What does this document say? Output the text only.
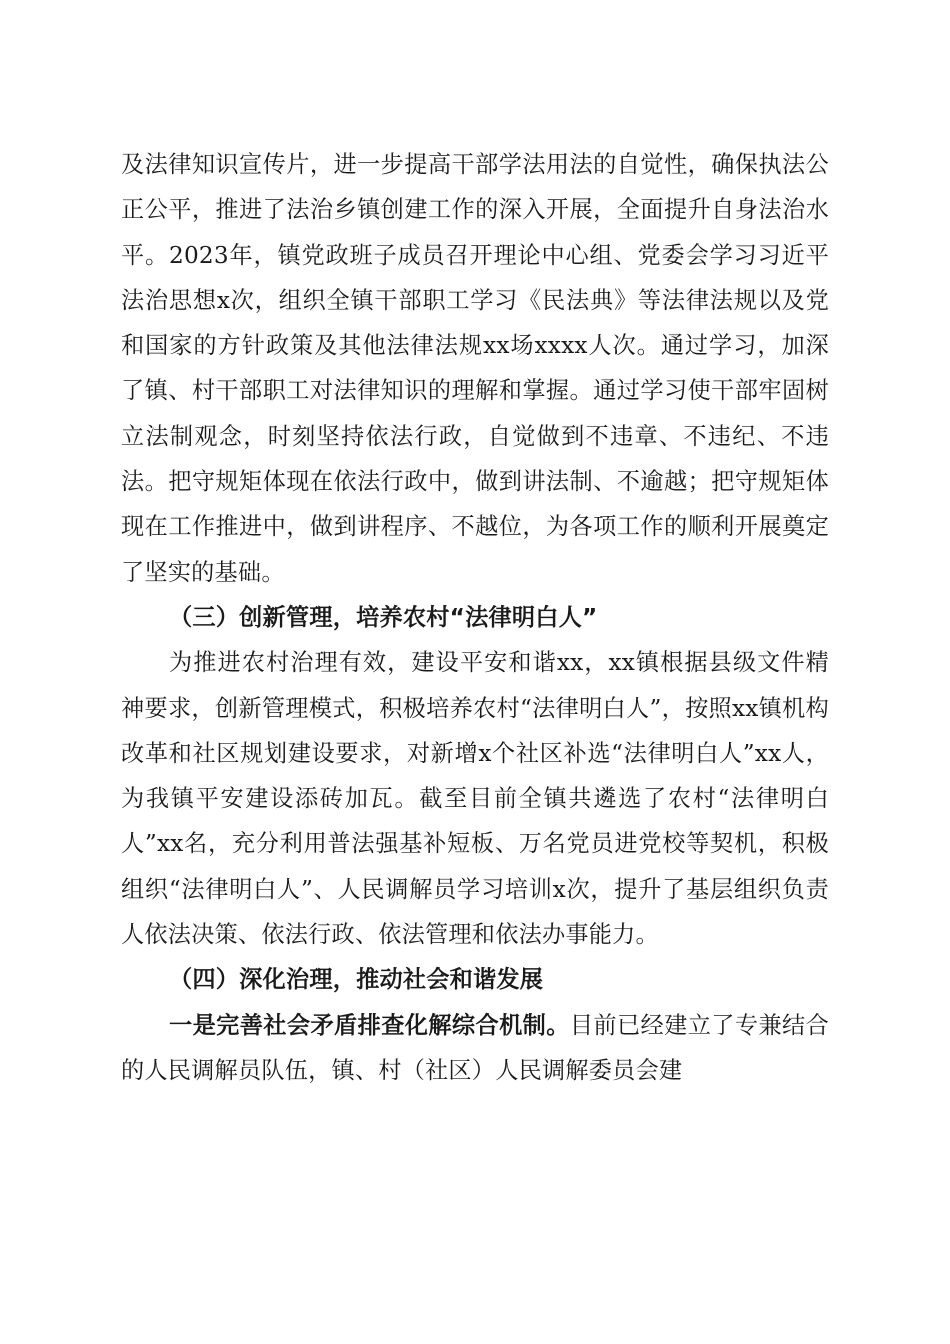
及法律知识宣传片，进一步提高干部学法用法的自觉性，确保执法公正公平，推进了法治乡镇创建工作的深入开展，全面提升自身法治水平。2023年，镇党政班子成员召开理论中心组、党委会学习习近平法治思想x次，组织全镇干部职工学习《民法典》等法律法规以及党和国家的方针政策及其他法律法规xx场xxxx人次。通过学习，加深了镇、村干部职工对法律知识的理解和掌握。通过学习使干部牢固树立法制观念，时刻坚持依法行政，自觉做到不违章、不违纪、不违法。把守规矩体现在依法行政中，做到讲法制、不逾越；把守规矩体现在工作推进中，做到讲程序、不越位，为各项工作的顺利开展奠定了坚实的基础。

（三）创新管理，培养农村“法律明白人”

为推进农村治理有效，建设平安和谐xx，xx镇根据县级文件精神要求，创新管理模式，积极培养农村“法律明白人”，按照xx镇机构改革和社区规划建设要求，对新增x个社区补选“法律明白人”xx人，为我镇平安建设添砖加瓦。截至目前全镇共遴选了农村“法律明白人”xx名，充分利用普法强基补短板、万名党员进党校等契机，积极组织“法律明白人”、人民调解员学习培训x次，提升了基层组织负责人依法决策、依法行政、依法管理和依法办事能力。

（四）深化治理，推动社会和谐发展

一是完善社会矛盾排查化解综合机制。目前已经建立了专兼结合的人民调解员队伍，镇、村（社区）人民调解委员会建
